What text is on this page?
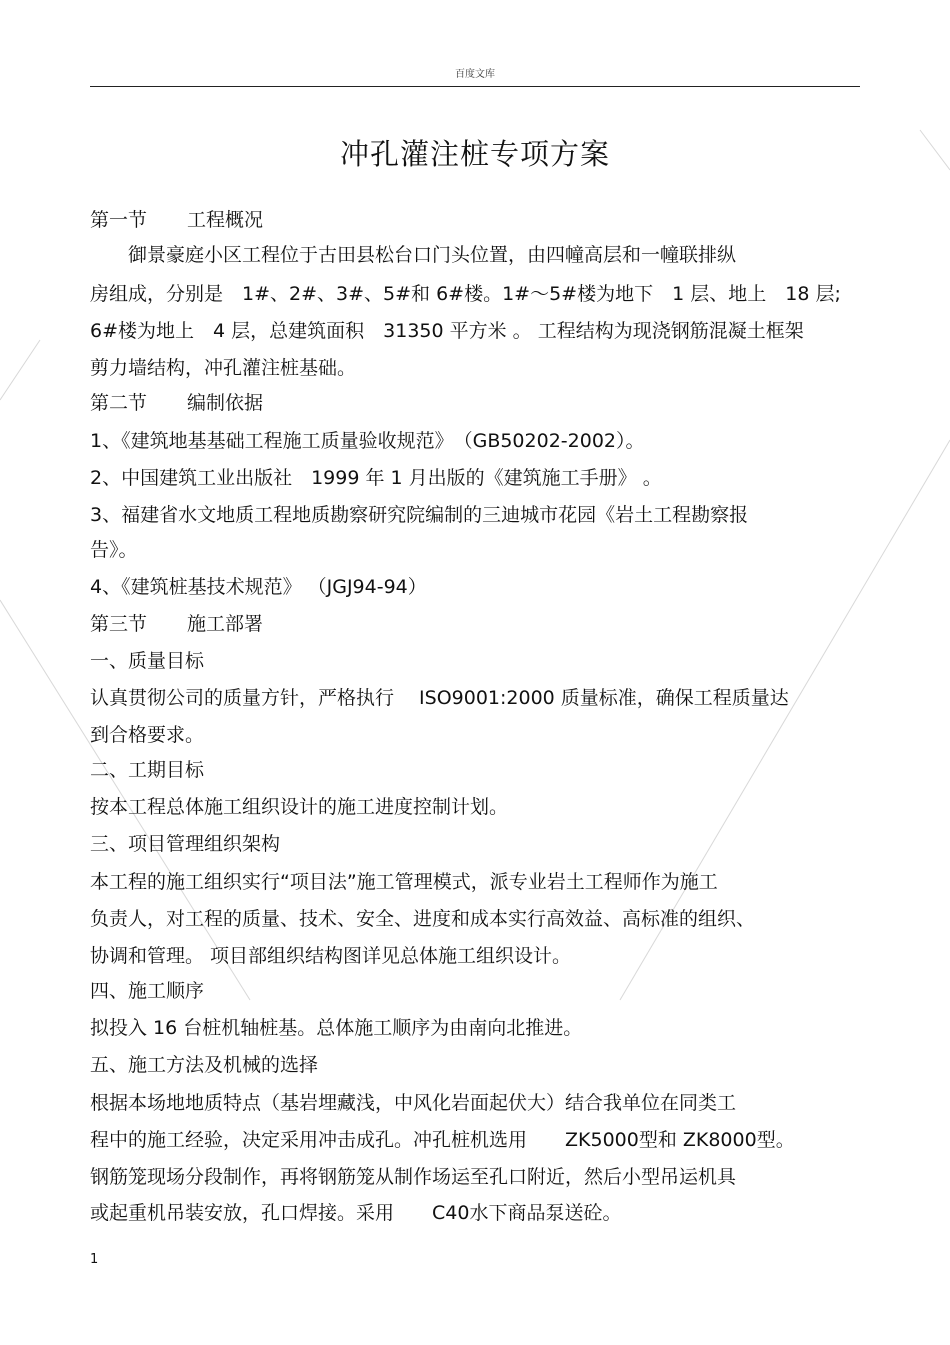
百度文库
冲孔灌注桩专项方案
第一节 工程概况
　　御景豪庭小区工程位于古田县松台口门头位置，由四幢高层和一幢联排纵
房组成，分别是　1#、2#、3#、5#和 6#楼。1#～5#楼为地下　1 层、地上　18 层;
6#楼为地上　4 层，总建筑面积　31350 平方米 。 工程结构为现浇钢筋混凝土框架
剪力墙结构，冲孔灌注桩基础。
第二节 编制依据
1、《建筑地基基础工程施工质量验收规范》　（GB50202-2002）。
2、中国建筑工业出版社　1999 年 1 月出版的《建筑施工手册》 。
3、福建省水文地质工程地质勘察研究院编制的三迪城市花园《岩土工程勘察报
告》。
4、《建筑桩基技术规范》 （JGJ94-94）
第三节 施工部署
一、质量目标
认真贯彻公司的质量方针，严格执行　 ISO9001:2000 质量标准，确保工程质量达
到合格要求。
二、工期目标
按本工程总体施工组织设计的施工进度控制计划。
三、项目管理组织架构
本工程的施工组织实行“项目法”施工管理模式，派专业岩土工程师作为施工
负责人，对工程的质量、技术、安全、进度和成本实行高效益、高标准的组织、
协调和管理。 项目部组织结构图详见总体施工组织设计。
四、施工顺序
拟投入 16 台桩机轴桩基。总体施工顺序为由南向北推进。
五、施工方法及机械的选择
根据本场地地质特点（基岩埋藏浅，中风化岩面起伏大）结合我单位在同类工
程中的施工经验，决定采用冲击成孔。冲孔桩机选用　　ZK5000型和 ZK8000型。
钢筋笼现场分段制作，再将钢筋笼从制作场运至孔口附近，然后小型吊运机具
或起重机吊装安放，孔口焊接。采用　　C40水下商品泵送砼。
1
